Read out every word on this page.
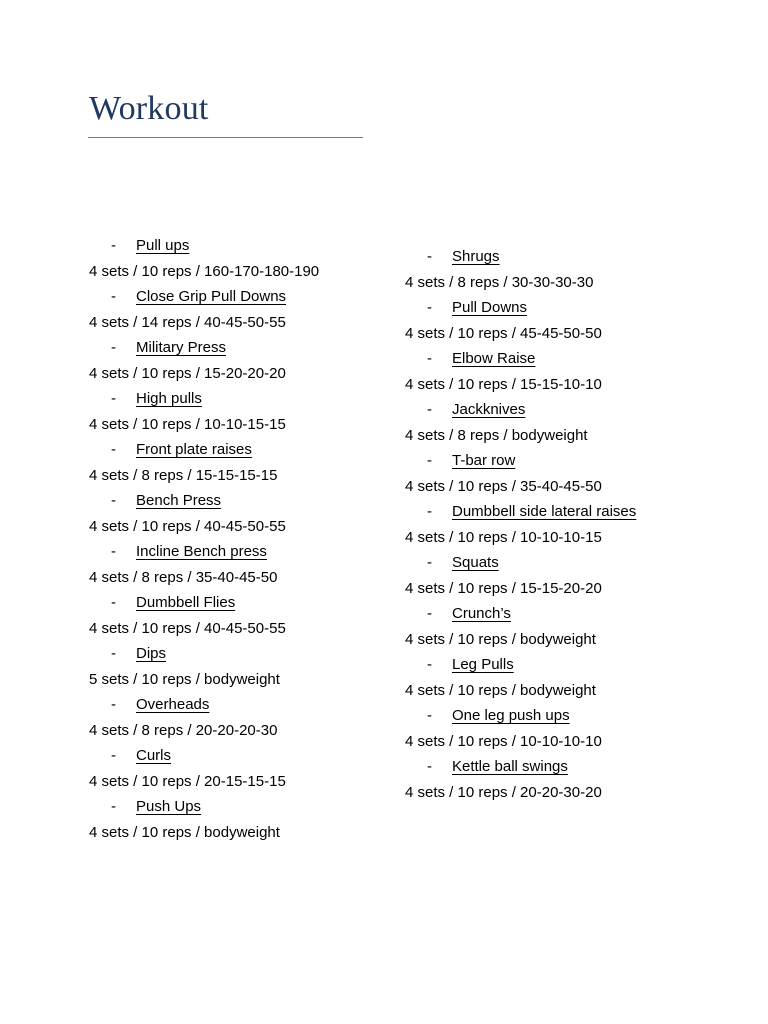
Workout
- Pull ups
4 sets / 10 reps / 160-170-180-190
- Close Grip Pull Downs
4 sets / 14 reps / 40-45-50-55
- Military Press
4 sets / 10 reps / 15-20-20-20
- High pulls
4 sets / 10 reps / 10-10-15-15
- Front plate raises
4 sets / 8 reps / 15-15-15-15
- Bench Press
4 sets / 10 reps / 40-45-50-55
- Incline Bench press
4 sets / 8 reps / 35-40-45-50
- Dumbbell Flies
4 sets / 10 reps / 40-45-50-55
- Dips
5 sets / 10 reps / bodyweight
- Overheads
4 sets / 8 reps / 20-20-20-30
- Curls
4 sets / 10 reps / 20-15-15-15
- Push Ups
4 sets / 10 reps / bodyweight
- Shrugs
4 sets / 8 reps / 30-30-30-30
- Pull Downs
4 sets / 10 reps / 45-45-50-50
- Elbow Raise
4 sets / 10 reps / 15-15-10-10
- Jackknives
4 sets / 8 reps / bodyweight
- T-bar row
4 sets / 10 reps / 35-40-45-50
- Dumbbell side lateral raises
4 sets / 10 reps / 10-10-10-15
- Squats
4 sets / 10 reps / 15-15-20-20
- Crunch’s
4 sets / 10 reps / bodyweight
- Leg Pulls
4 sets / 10 reps / bodyweight
- One leg push ups
4 sets / 10 reps / 10-10-10-10
- Kettle ball swings
4 sets / 10 reps / 20-20-30-20
